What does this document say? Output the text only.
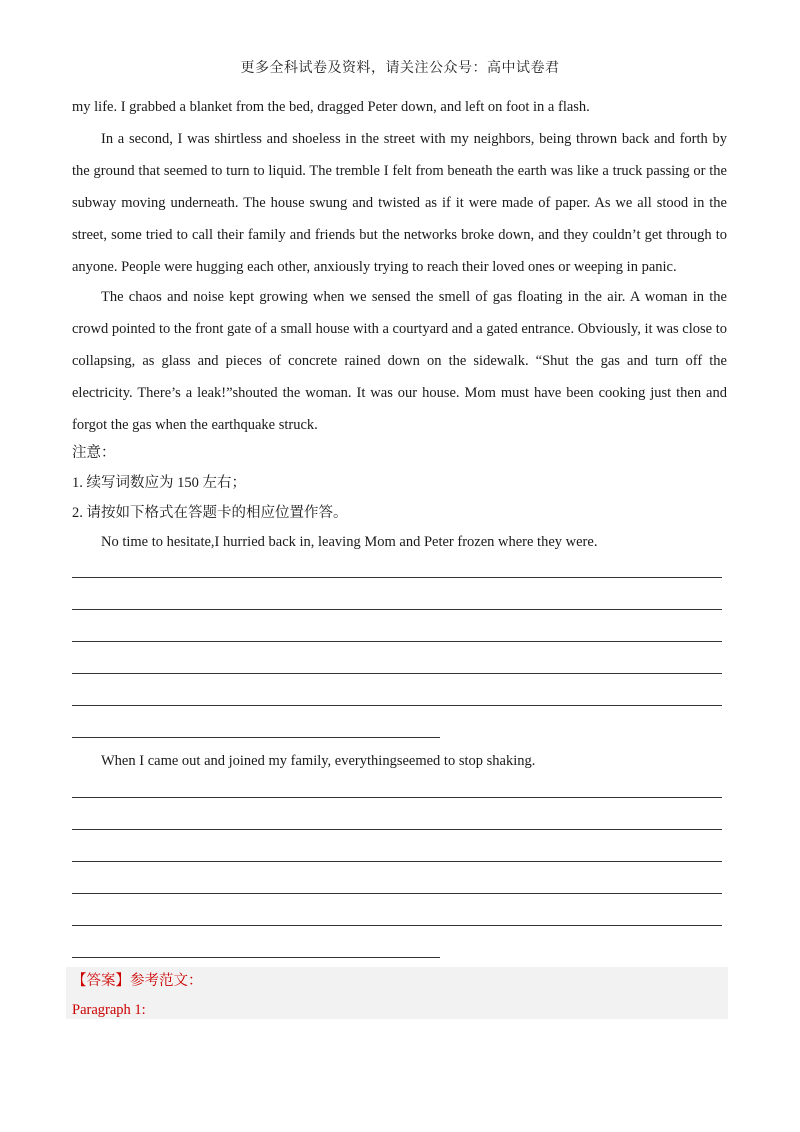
更多全科试卷及资料，请关注公众号：高中试卷君

my life. I grabbed a blanket from the bed, dragged Peter down, and left on foot in a flash.

In a second, I was shirtless and shoeless in the street with my neighbors, being thrown back and forth by the ground that seemed to turn to liquid. The tremble I felt from beneath the earth was like a truck passing or the subway moving underneath. The house swung and twisted as if it were made of paper. As we all stood in the street, some tried to call their family and friends but the networks broke down, and they couldn’t get through to anyone. People were hugging each other, anxiously trying to reach their loved ones or weeping in panic.

The chaos and noise kept growing when we sensed the smell of gas floating in the air. A woman in the crowd pointed to the front gate of a small house with a courtyard and a gated entrance. Obviously, it was close to collapsing, as glass and pieces of concrete rained down on the sidewalk. “Shut the gas and turn off the electricity. There’s a leak!”shouted the woman. It was our house. Mom must have been cooking just then and forgot the gas when the earthquake struck.

注意：
1. 续写词数应为 150 左右；
2. 请按如下格式在答题卡的相应位置作答。
No time to hesitate,I hurried back in, leaving Mom and Peter frozen where they were.
When I came out and joined my family, everythingseemed to stop shaking.
【答案】参考范文：
Paragraph 1:
